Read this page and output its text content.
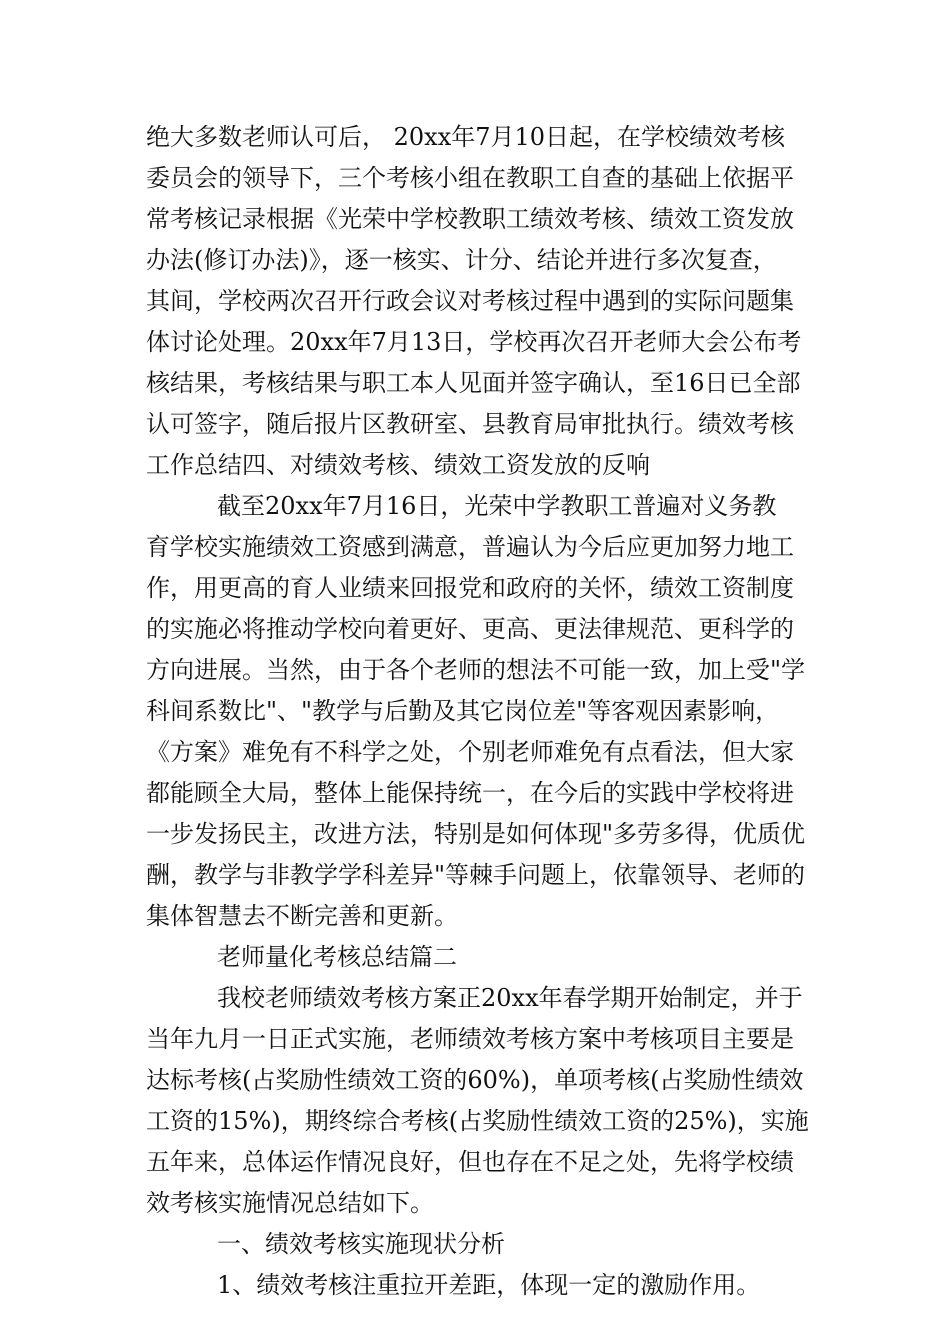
绝大多数老师认可后， 20xx年7月10日起，在学校绩效考核
委员会的领导下，三个考核小组在教职工自查的基础上依据平
常考核记录根据《光荣中学校教职工绩效考核、绩效工资发放
办法(修订办法)》，逐一核实、计分、结论并进行多次复查，
其间，学校两次召开行政会议对考核过程中遇到的实际问题集
体讨论处理。20xx年7月13日，学校再次召开老师大会公布考
核结果，考核结果与职工本人见面并签字确认，至16日已全部
认可签字，随后报片区教研室、县教育局审批执行。绩效考核
工作总结四、对绩效考核、绩效工资发放的反响
截至20xx年7月16日，光荣中学教职工普遍对义务教
育学校实施绩效工资感到满意，普遍认为今后应更加努力地工
作，用更高的育人业绩来回报党和政府的关怀，绩效工资制度
的实施必将推动学校向着更好、更高、更法律规范、更科学的
方向进展。当然，由于各个老师的想法不可能一致，加上受"学
科间系数比"、"教学与后勤及其它岗位差"等客观因素影响，
《方案》难免有不科学之处，个别老师难免有点看法，但大家
都能顾全大局，整体上能保持统一，在今后的实践中学校将进
一步发扬民主，改进方法，特别是如何体现"多劳多得，优质优
酬，教学与非教学学科差异"等棘手问题上，依靠领导、老师的
集体智慧去不断完善和更新。
老师量化考核总结篇二
我校老师绩效考核方案正20xx年春学期开始制定，并于
当年九月一日正式实施，老师绩效考核方案中考核项目主要是
达标考核(占奖励性绩效工资的60%)，单项考核(占奖励性绩效
工资的15%)，期终综合考核(占奖励性绩效工资的25%)，实施
五年来，总体运作情况良好，但也存在不足之处，先将学校绩
效考核实施情况总结如下。
一、绩效考核实施现状分析
1、绩效考核注重拉开差距，体现一定的激励作用。
